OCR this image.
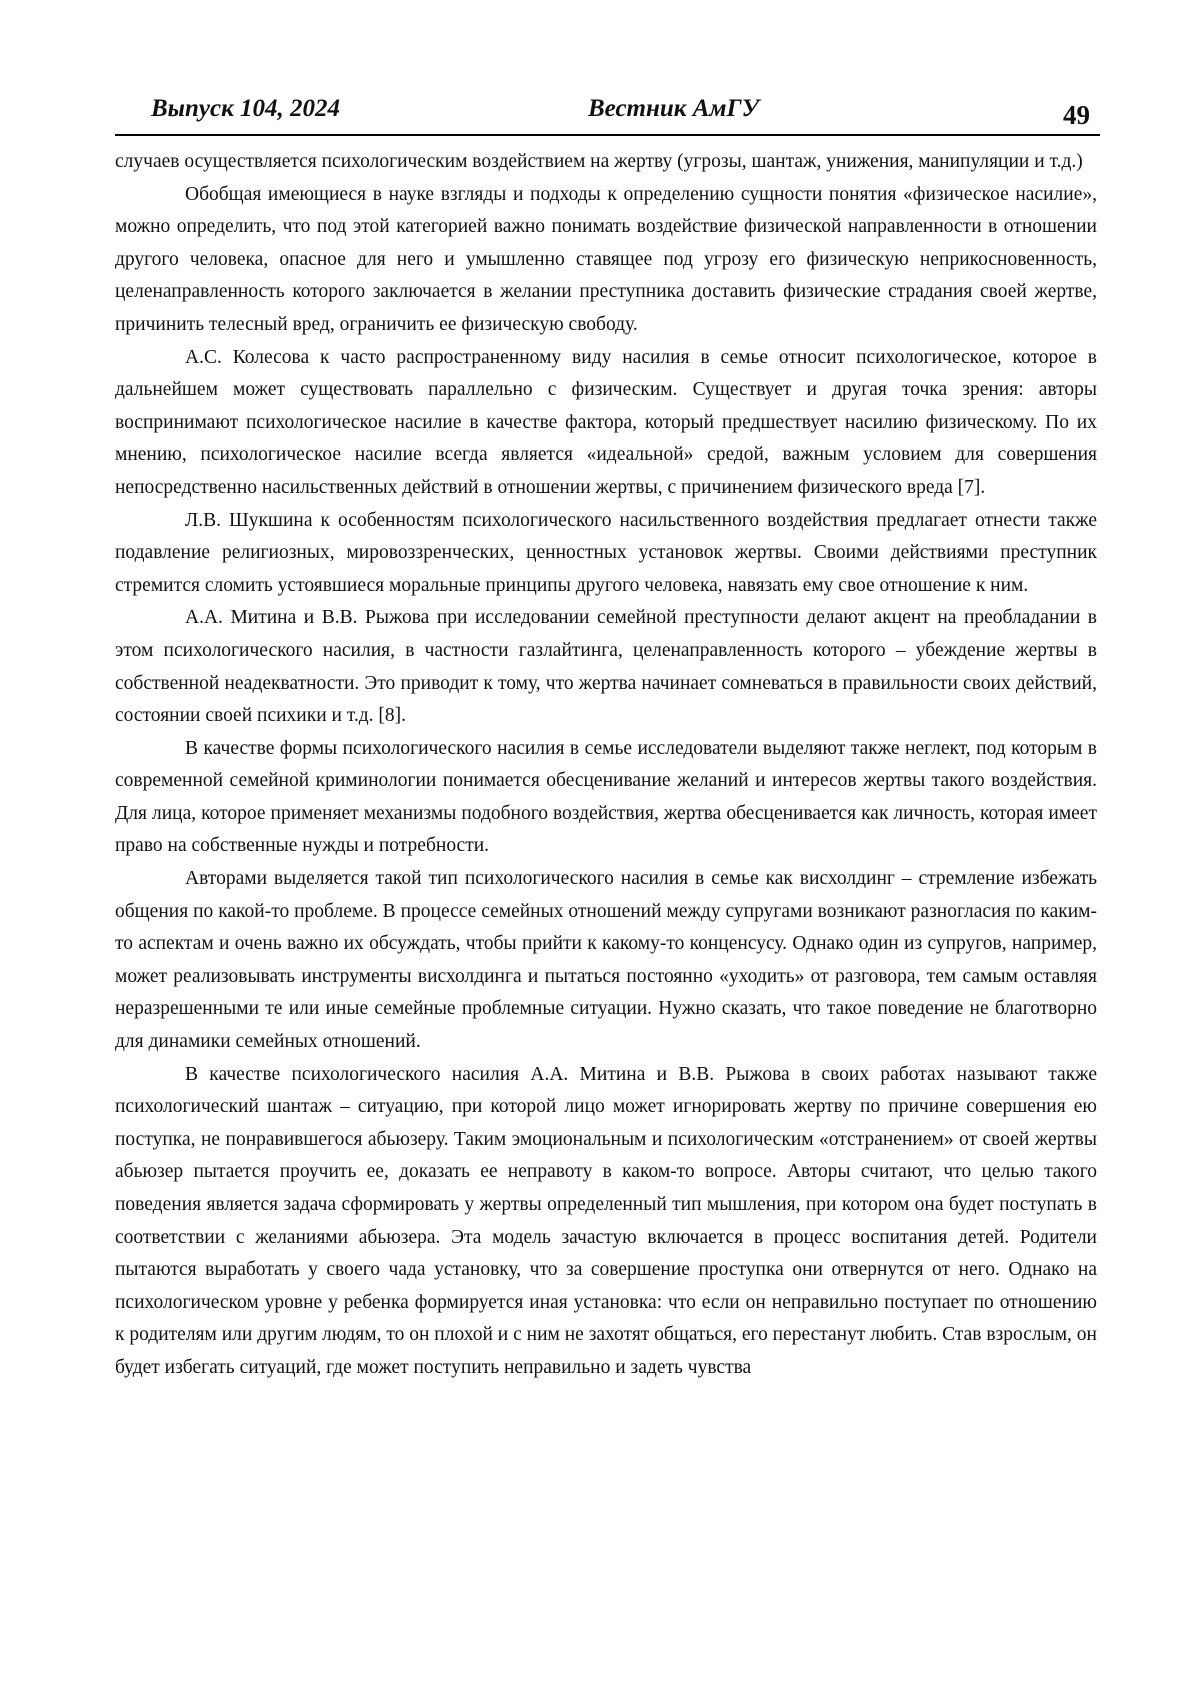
Выпуск 104, 2024	Вестник АмГУ	49

случаев осуществляется психологическим воздействием на жертву (угрозы, шантаж, унижения, манипуляции и т.д.)

Обобщая имеющиеся в науке взгляды и подходы к определению сущности понятия «физическое насилие», можно определить, что под этой категорией важно понимать воздействие физической направленности в отношении другого человека, опасное для него и умышленно ставящее под угрозу его физическую неприкосновенность, целенаправленность которого заключается в желании преступника доставить физические страдания своей жертве, причинить телесный вред, ограничить ее физическую свободу.

А.С. Колесова к часто распространенному виду насилия в семье относит психологическое, которое в дальнейшем может существовать параллельно с физическим. Существует и другая точка зрения: авторы воспринимают психологическое насилие в качестве фактора, который предшествует насилию физическому. По их мнению, психологическое насилие всегда является «идеальной» средой, важным условием для совершения непосредственно насильственных действий в отношении жертвы, с причинением физического вреда [7].

Л.В. Шукшина к особенностям психологического насильственного воздействия предлагает отнести также подавление религиозных, мировоззренческих, ценностных установок жертвы. Своими действиями преступник стремится сломить устоявшиеся моральные принципы другого человека, навязать ему свое отношение к ним.

А.А. Митина и В.В. Рыжова при исследовании семейной преступности делают акцент на преобладании в этом психологического насилия, в частности газлайтинга, целенаправленность которого – убеждение жертвы в собственной неадекватности. Это приводит к тому, что жертва начинает сомневаться в правильности своих действий, состоянии своей психики и т.д. [8].

В качестве формы психологического насилия в семье исследователи выделяют также неглект, под которым в современной семейной криминологии понимается обесценивание желаний и интересов жертвы такого воздействия. Для лица, которое применяет механизмы подобного воздействия, жертва обесценивается как личность, которая имеет право на собственные нужды и потребности.

Авторами выделяется такой тип психологического насилия в семье как висхолдинг – стремление избежать общения по какой-то проблеме. В процессе семейных отношений между супругами возникают разногласия по каким-то аспектам и очень важно их обсуждать, чтобы прийти к какому-то конценсусу. Однако один из супругов, например, может реализовывать инструменты висхолдинга и пытаться постоянно «уходить» от разговора, тем самым оставляя неразрешенными те или иные семейные проблемные ситуации. Нужно сказать, что такое поведение не благотворно для динамики семейных отношений.

В качестве психологического насилия А.А. Митина и В.В. Рыжова в своих работах называют также психологический шантаж – ситуацию, при которой лицо может игнорировать жертву по причине совершения ею поступка, не понравившегося абьюзеру. Таким эмоциональным и психологическим «отстранением» от своей жертвы абьюзер пытается проучить ее, доказать ее неправоту в каком-то вопросе. Авторы считают, что целью такого поведения является задача сформировать у жертвы определенный тип мышления, при котором она будет поступать в соответствии с желаниями абьюзера. Эта модель зачастую включается в процесс воспитания детей. Родители пытаются выработать у своего чада установку, что за совершение проступка они отвернутся от него. Однако на психологическом уровне у ребенка формируется иная установка: что если он неправильно поступает по отношению к родителям или другим людям, то он плохой и с ним не захотят общаться, его перестанут любить. Став взрослым, он будет избегать ситуаций, где может поступить неправильно и задеть чувства
